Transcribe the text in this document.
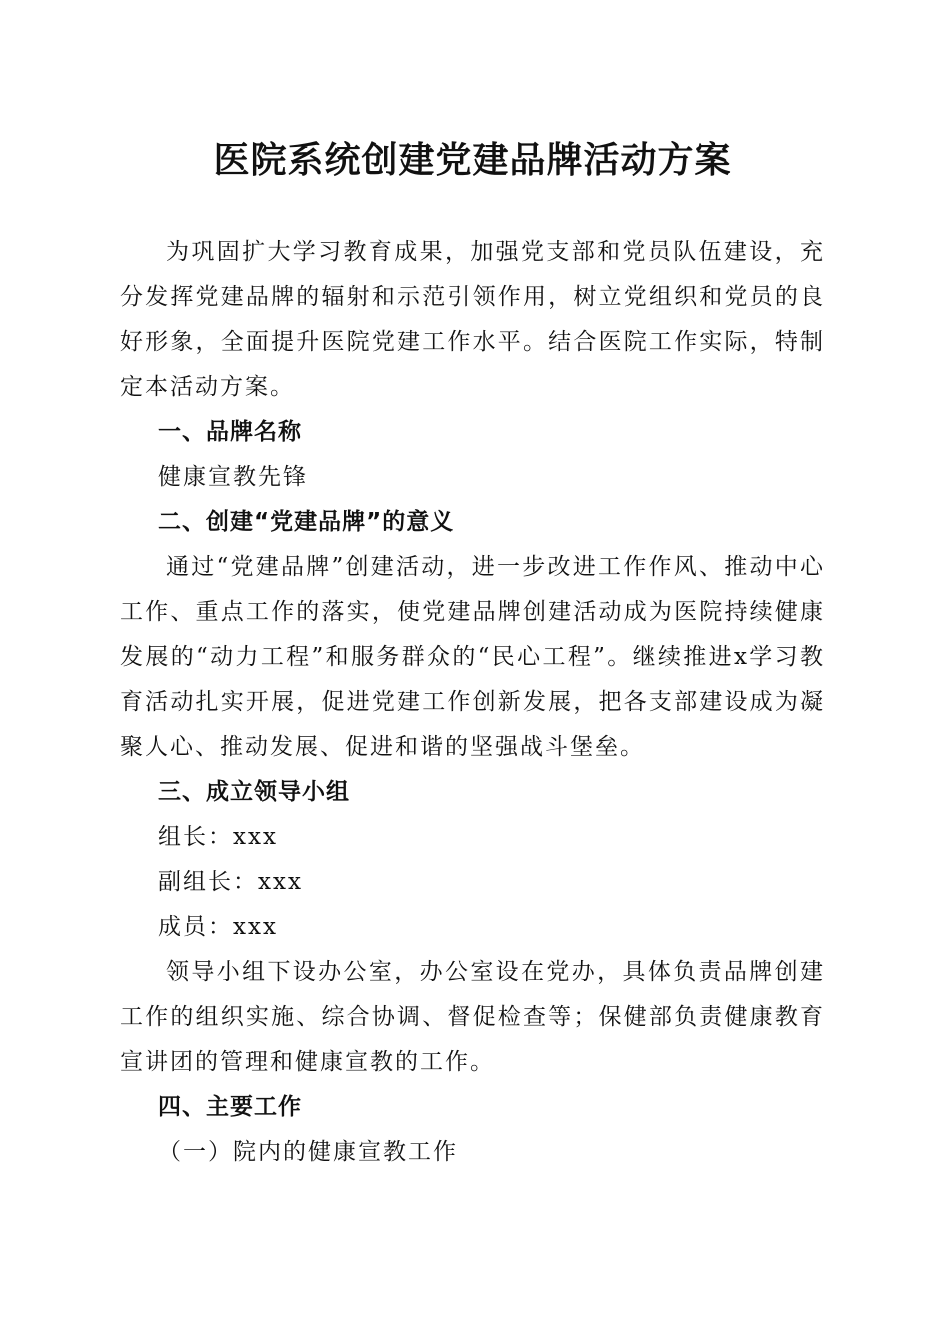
医院系统创建党建品牌活动方案

为巩固扩大学习教育成果，加强党支部和党员队伍建设，充分发挥党建品牌的辐射和示范引领作用，树立党组织和党员的良好形象，全面提升医院党建工作水平。结合医院工作实际，特制定本活动方案。

一、品牌名称

健康宣教先锋

二、创建“党建品牌”的意义

通过“党建品牌”创建活动，进一步改进工作作风、推动中心工作、重点工作的落实，使党建品牌创建活动成为医院持续健康发展的“动力工程”和服务群众的“民心工程”。继续推进x学习教育活动扎实开展，促进党建工作创新发展，把各支部建设成为凝聚人心、推动发展、促进和谐的坚强战斗堡垒。

三、成立领导小组

组长：xxx

副组长：xxx

成员：xxx

领导小组下设办公室，办公室设在党办，具体负责品牌创建工作的组织实施、综合协调、督促检查等；保健部负责健康教育宣讲团的管理和健康宣教的工作。

四、主要工作

（一）院内的健康宣教工作
